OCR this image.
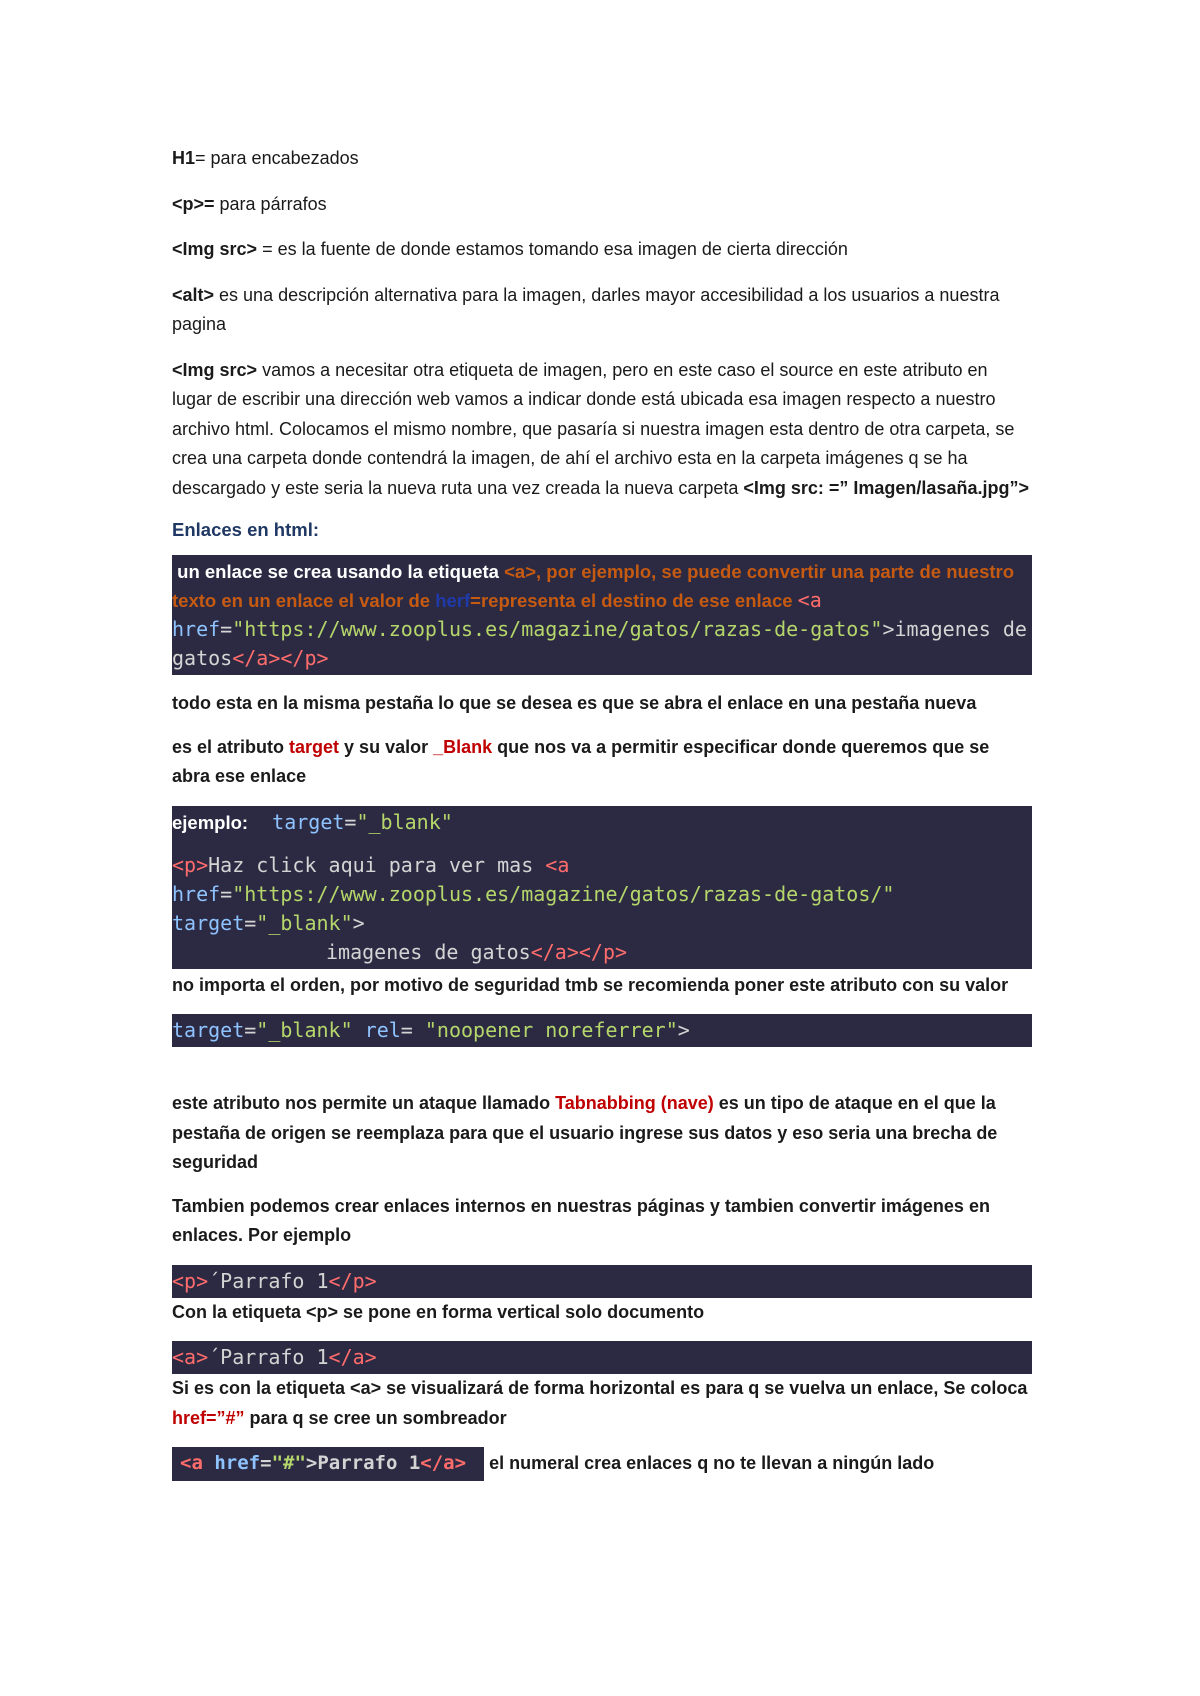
H1= para encabezados

<p>= para párrafos

<Img src> = es la fuente de donde estamos tomando esa imagen de cierta dirección

<alt> es una descripción alternativa para la imagen, darles mayor accesibilidad a los usuarios a nuestra pagina

<Img src> vamos a necesitar otra etiqueta de imagen, pero en este caso el source en este atributo en lugar de escribir una dirección web vamos a indicar donde está ubicada esa imagen respecto a nuestro archivo html. Colocamos el mismo nombre, que pasaría si nuestra imagen esta dentro de otra carpeta, se crea una carpeta donde contendrá la imagen, de ahí el archivo esta en la carpeta imágenes q se ha descargado y este seria la nueva ruta una vez creada la nueva carpeta <Img src: =” Imagen/lasaña.jpg”>

Enlaces en html:

un enlace se crea usando la etiqueta <a>, por ejemplo, se puede convertir una parte de nuestro texto en un enlace el valor de herf=representa el destino de ese enlace <a
href="https://www.zooplus.es/magazine/gatos/razas-de-gatos">imagenes de gatos</a></p>

todo esta en la misma pestaña lo que se desea es que se abra el enlace en una pestaña nueva

es el atributo target y su valor _Blank que nos va a permitir especificar donde queremos que se abra ese enlace

ejemplo: target="_blank"

<p>Haz click aqui para ver mas <a
href="https://www.zooplus.es/magazine/gatos/razas-de-gatos/"
target="_blank">
imagenes de gatos</a></p>

no importa el orden, por motivo de seguridad tmb se recomienda poner este atributo con su valor

target="_blank" rel= "noopener noreferrer">

este atributo nos permite un ataque llamado Tabnabbing (nave) es un tipo de ataque en el que la pestaña de origen se reemplaza para que el usuario ingrese sus datos y eso seria una brecha de seguridad

Tambien podemos crear enlaces internos en nuestras páginas y tambien convertir imágenes en enlaces. Por ejemplo

<p>´Parrafo 1</p>

Con la etiqueta <p> se pone en forma vertical solo documento

<a>´Parrafo 1</a>

Si es con la etiqueta <a> se visualizará de forma horizontal es para q se vuelva un enlace, Se coloca href=”#” para q se cree un sombreador

<a href="#">Parrafo 1</a> el numeral crea enlaces q no te llevan a ningún lado
